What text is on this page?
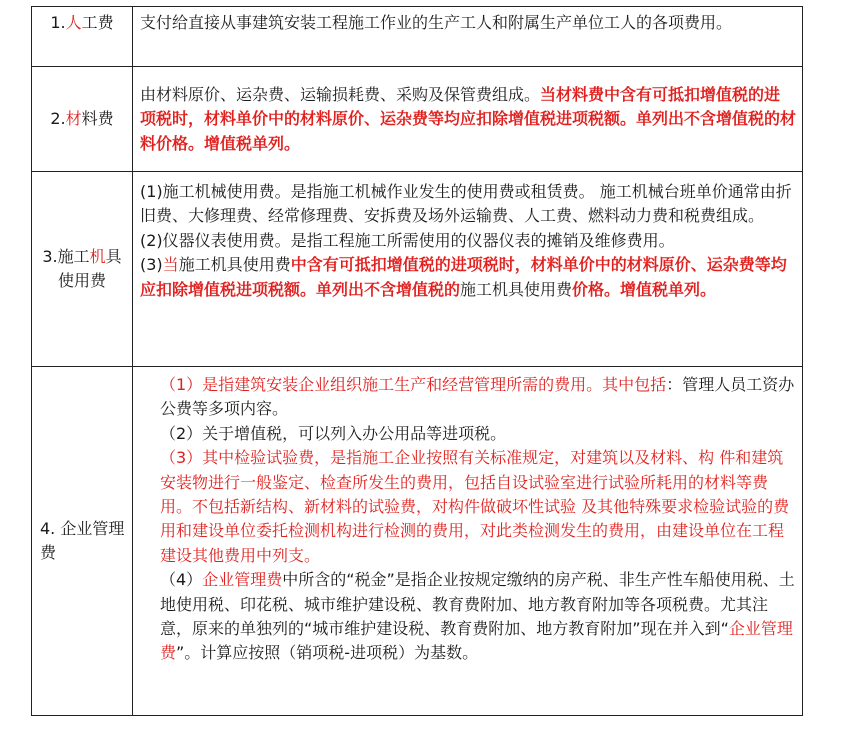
1.人工费	支付给直接从事建筑安装工程施工作业的生产工人和附属生产单位工人的各项费用。
2.材料费	由材料原价、运杂费、运输损耗费、采购及保管费组成。当材料费中含有可抵扣增值税的进项税时，材料单价中的材料原价、运杂费等均应扣除增值税进项税额。单列出不含增值税的材料价格。增值税单列。
3.施工机具使用费	(1)施工机械使用费。是指施工机械作业发生的使用费或租赁费。 施工机械台班单价通常由折旧费、大修理费、经常修理费、安拆费及场外运输费、人工费、燃料动力费和税费组成。

(2)仪器仪表使用费。是指工程施工所需使用的仪器仪表的摊销及维修费用。

(3)当施工机具使用费中含有可抵扣增值税的进项税时，材料单价中的材料原价、运杂费等均应扣除增值税进项税额。单列出不含增值税的施工机具使用费价格。增值税单列。

4. 企业管理费	（1）是指建筑安装企业组织施工生产和经营管理所需的费用。其中包括：管理人员工资办公费等多项内容。

（2）关于增值税，可以列入办公用品等进项税。

（3）其中检验试验费，是指施工企业按照有关标准规定，对建筑以及材料、构 件和建筑安装物进行一般鉴定、检查所发生的费用，包括自设试验室进行试验所耗用的材料等费用。不包括新结构、新材料的试验费，对构件做破坏性试验 及其他特殊要求检验试验的费用和建设单位委托检测机构进行检测的费用，对此类检测发生的费用，由建设单位在工程建设其他费用中列支。

（4）企业管理费中所含的“税金”是指企业按规定缴纳的房产税、非生产性车船使用税、土地使用税、印花税、城市维护建设税、教育费附加、地方教育附加等各项税费。尤其注意，原来的单独列的“城市维护建设税、教育费附加、地方教育附加”现在并入到“企业管理费”。计算应按照（销项税-进项税）为基数。
